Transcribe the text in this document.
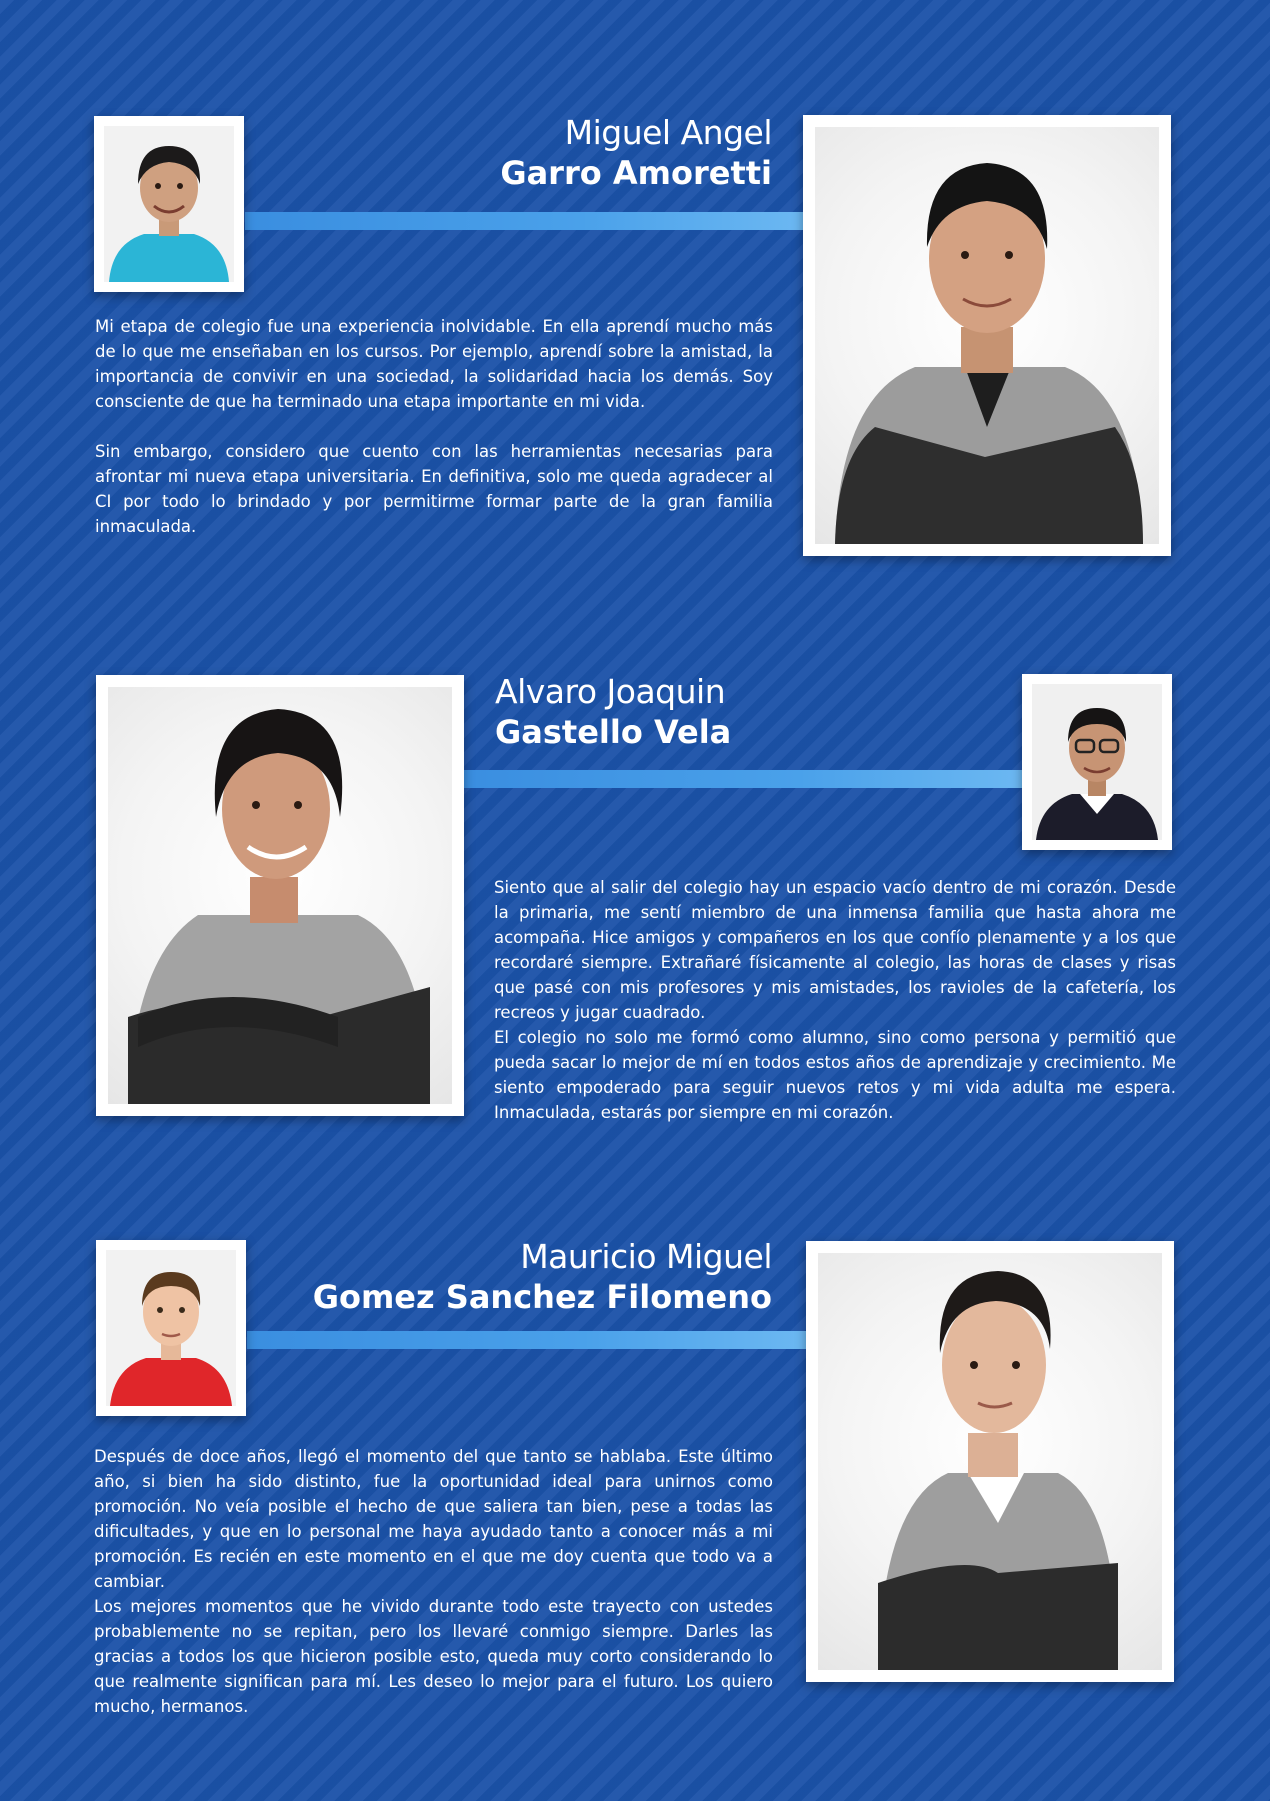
Miguel Angel
Garro Amoretti

Mi etapa de colegio fue una experiencia inolvidable. En ella aprendí mucho más de lo que me enseñaban en los cursos. Por ejemplo, aprendí sobre la amistad, la importancia de convivir en una sociedad, la solidaridad hacia los demás. Soy consciente de que ha terminado una etapa importante en mi vida.

Sin embargo, considero que cuento con las herramientas necesarias para afrontar mi nueva etapa universitaria. En definitiva, solo me queda agradecer al CI por todo lo brindado y por permitirme formar parte de la gran familia inmaculada.

Alvaro Joaquin
Gastello Vela

Siento que al salir del colegio hay un espacio vacío dentro de mi corazón. Desde la primaria, me sentí miembro de una inmensa familia que hasta ahora me acompaña. Hice amigos y compañeros en los que confío plenamente y a los que recordaré siempre. Extrañaré físicamente al colegio, las horas de clases y risas que pasé con mis profesores y mis amistades, los ravioles de la cafetería, los recreos y jugar cuadrado.

El colegio no solo me formó como alumno, sino como persona y permitió que pueda sacar lo mejor de mí en todos estos años de aprendizaje y crecimiento. Me siento empoderado para seguir nuevos retos y mi vida adulta me espera. Inmaculada, estarás por siempre en mi corazón.

Mauricio Miguel
Gomez Sanchez Filomeno

Después de doce años, llegó el momento del que tanto se hablaba. Este último año, si bien ha sido distinto, fue la oportunidad ideal para unirnos como promoción. No veía posible el hecho de que saliera tan bien, pese a todas las dificultades, y que en lo personal me haya ayudado tanto a conocer más a mi promoción. Es recién en este momento en el que me doy cuenta que todo va a cambiar.

Los mejores momentos que he vivido durante todo este trayecto con ustedes probablemente no se repitan, pero los llevaré conmigo siempre. Darles las gracias a todos los que hicieron posible esto, queda muy corto considerando lo que realmente significan para mí. Les deseo lo mejor para el futuro. Los quiero mucho, hermanos.
